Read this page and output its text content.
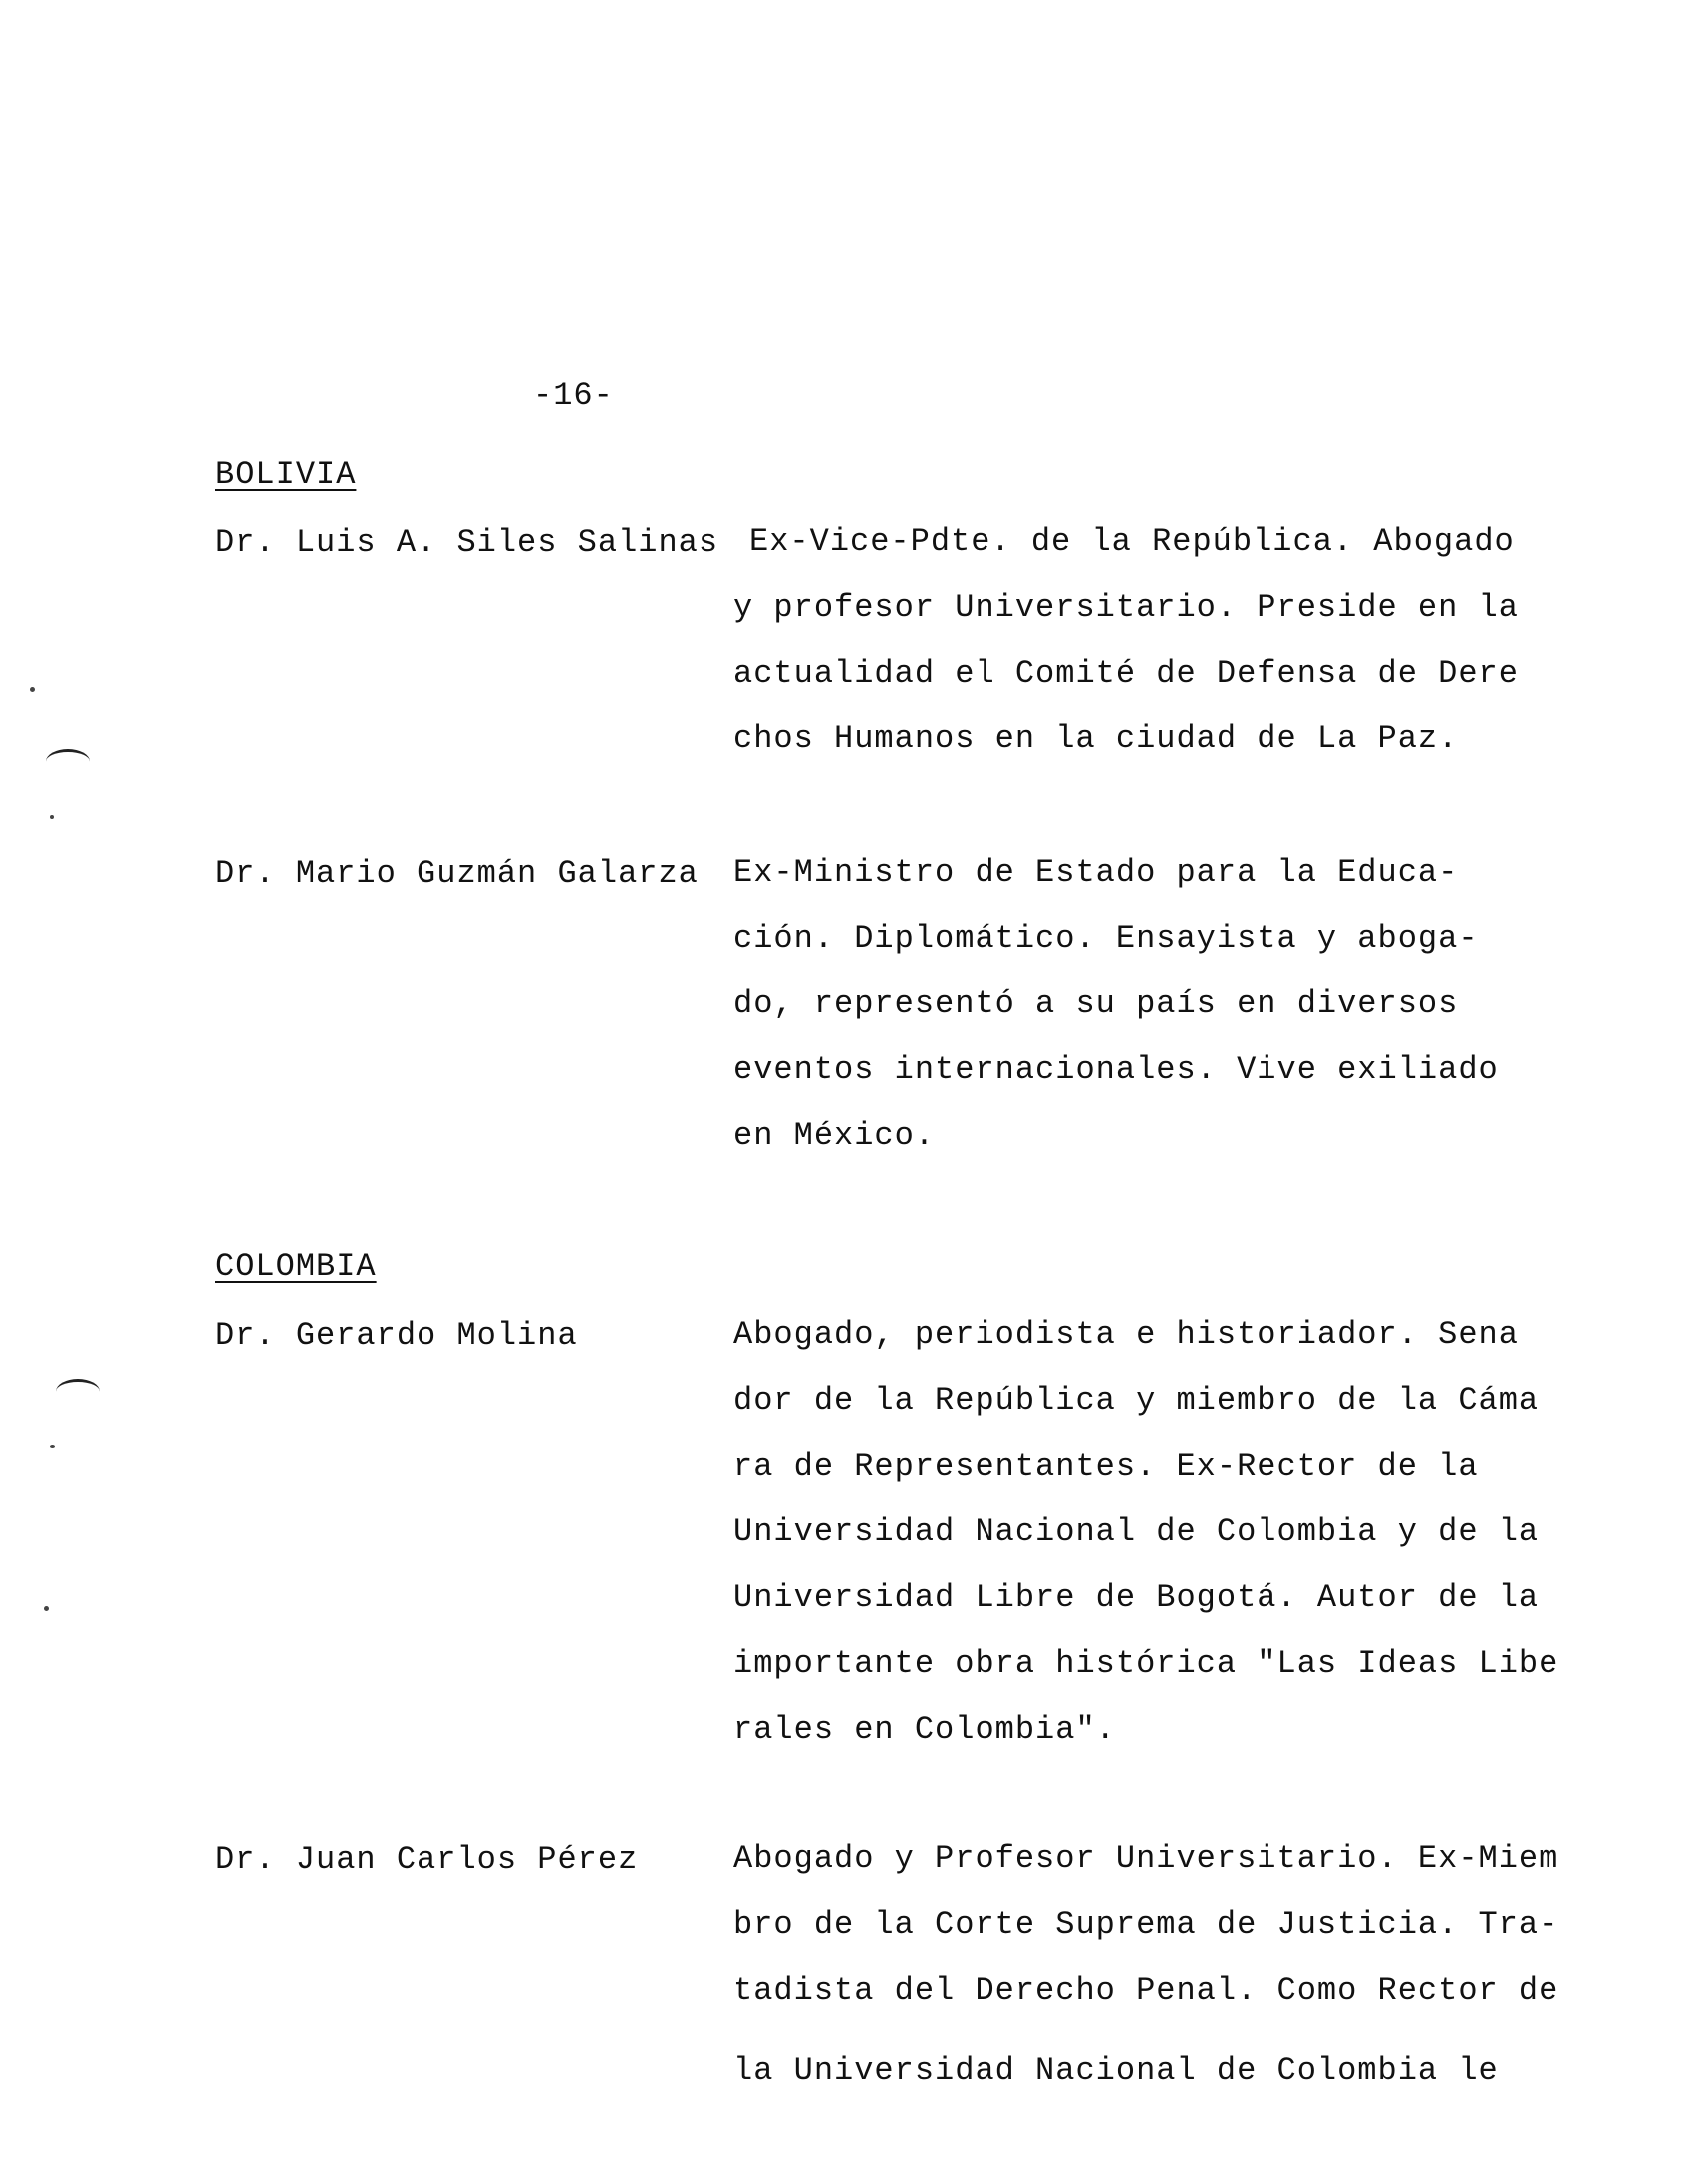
-16-
BOLIVIA
Dr. Luis A. Siles Salinas Ex-Vice-Pdte. de la República. Abogado
y profesor Universitario. Preside en la
actualidad el Comité de Defensa de Dere
chos Humanos en la ciudad de La Paz.
Dr. Mario Guzmán Galarza Ex-Ministro de Estado para la Educa-
ción. Diplomático. Ensayista y aboga-
do, representó a su país en diversos
eventos internacionales. Vive exiliado
en México.
COLOMBIA
Dr. Gerardo Molina	Abogado, periodista e historiador. Sena
dor de la República y miembro de la Cáma
ra de Representantes. Ex-Rector de la
Universidad Nacional de Colombia y de la
Universidad Libre de Bogotá. Autor de la
importante obra histórica "Las Ideas Libe
rales en Colombia".
Dr. Juan Carlos Pérez	Abogado y Profesor Universitario. Ex-Miem
bro de la Corte Suprema de Justicia. Tra-
tadista del Derecho Penal. Como Rector de
la Universidad Nacional de Colombia le
